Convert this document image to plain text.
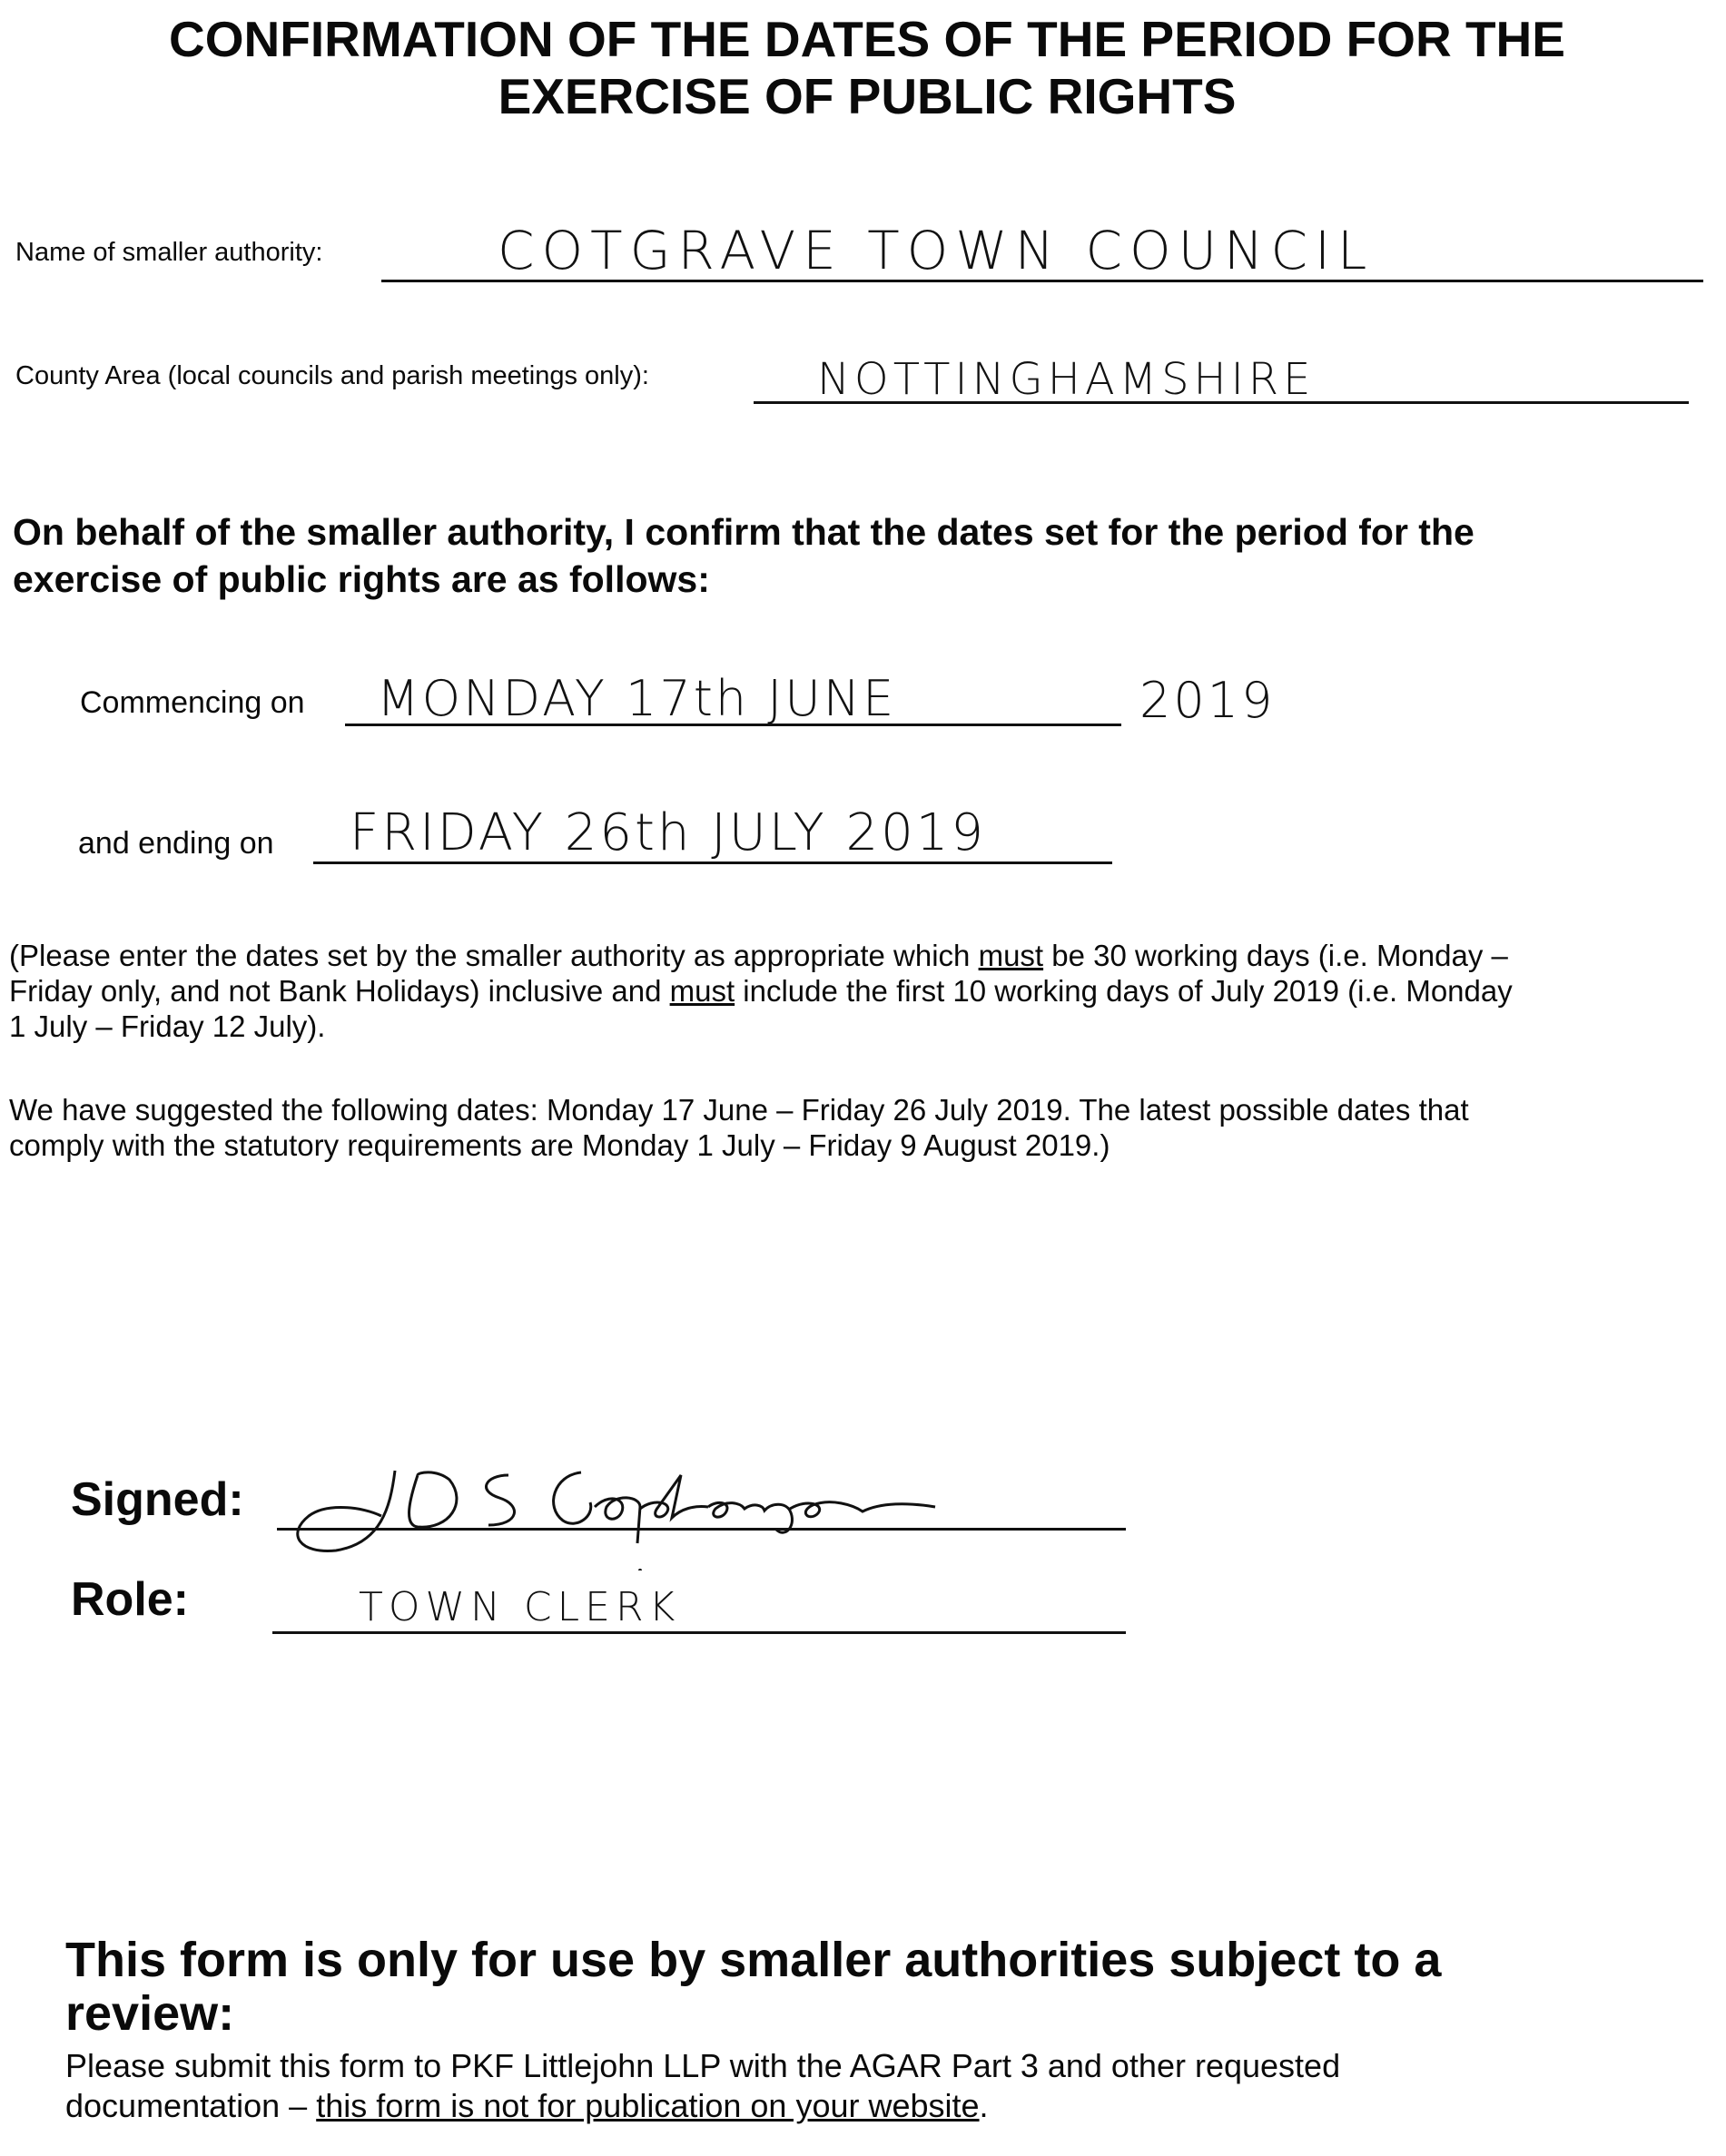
CONFIRMATION OF THE DATES OF THE PERIOD FOR THE
EXERCISE OF PUBLIC RIGHTS
Name of smaller authority:	COTGRAVE TOWN COUNCIL
County Area (local councils and parish meetings only):	NOTTINGHAMSHIRE
On behalf of the smaller authority, I confirm that the dates set for the period for the
exercise of public rights are as follows:
Commencing on MONDAY 17th JUNE	2019
and ending on FRIDAY 26th JULY 2019
(Please enter the dates set by the smaller authority as appropriate which must be 30 working days (i.e. Monday –
Friday only, and not Bank Holidays) inclusive and must include the first 10 working days of July 2019 (i.e. Monday
1 July – Friday 12 July).
We have suggested the following dates: Monday 17 June – Friday 26 July 2019. The latest possible dates that
comply with the statutory requirements are Monday 1 July – Friday 9 August 2019.)
Signed:
Role:	TOWN CLERK
This form is only for use by smaller authorities subject to a
review:
Please submit this form to PKF Littlejohn LLP with the AGAR Part 3 and other requested
documentation – this form is not for publication on your website.
